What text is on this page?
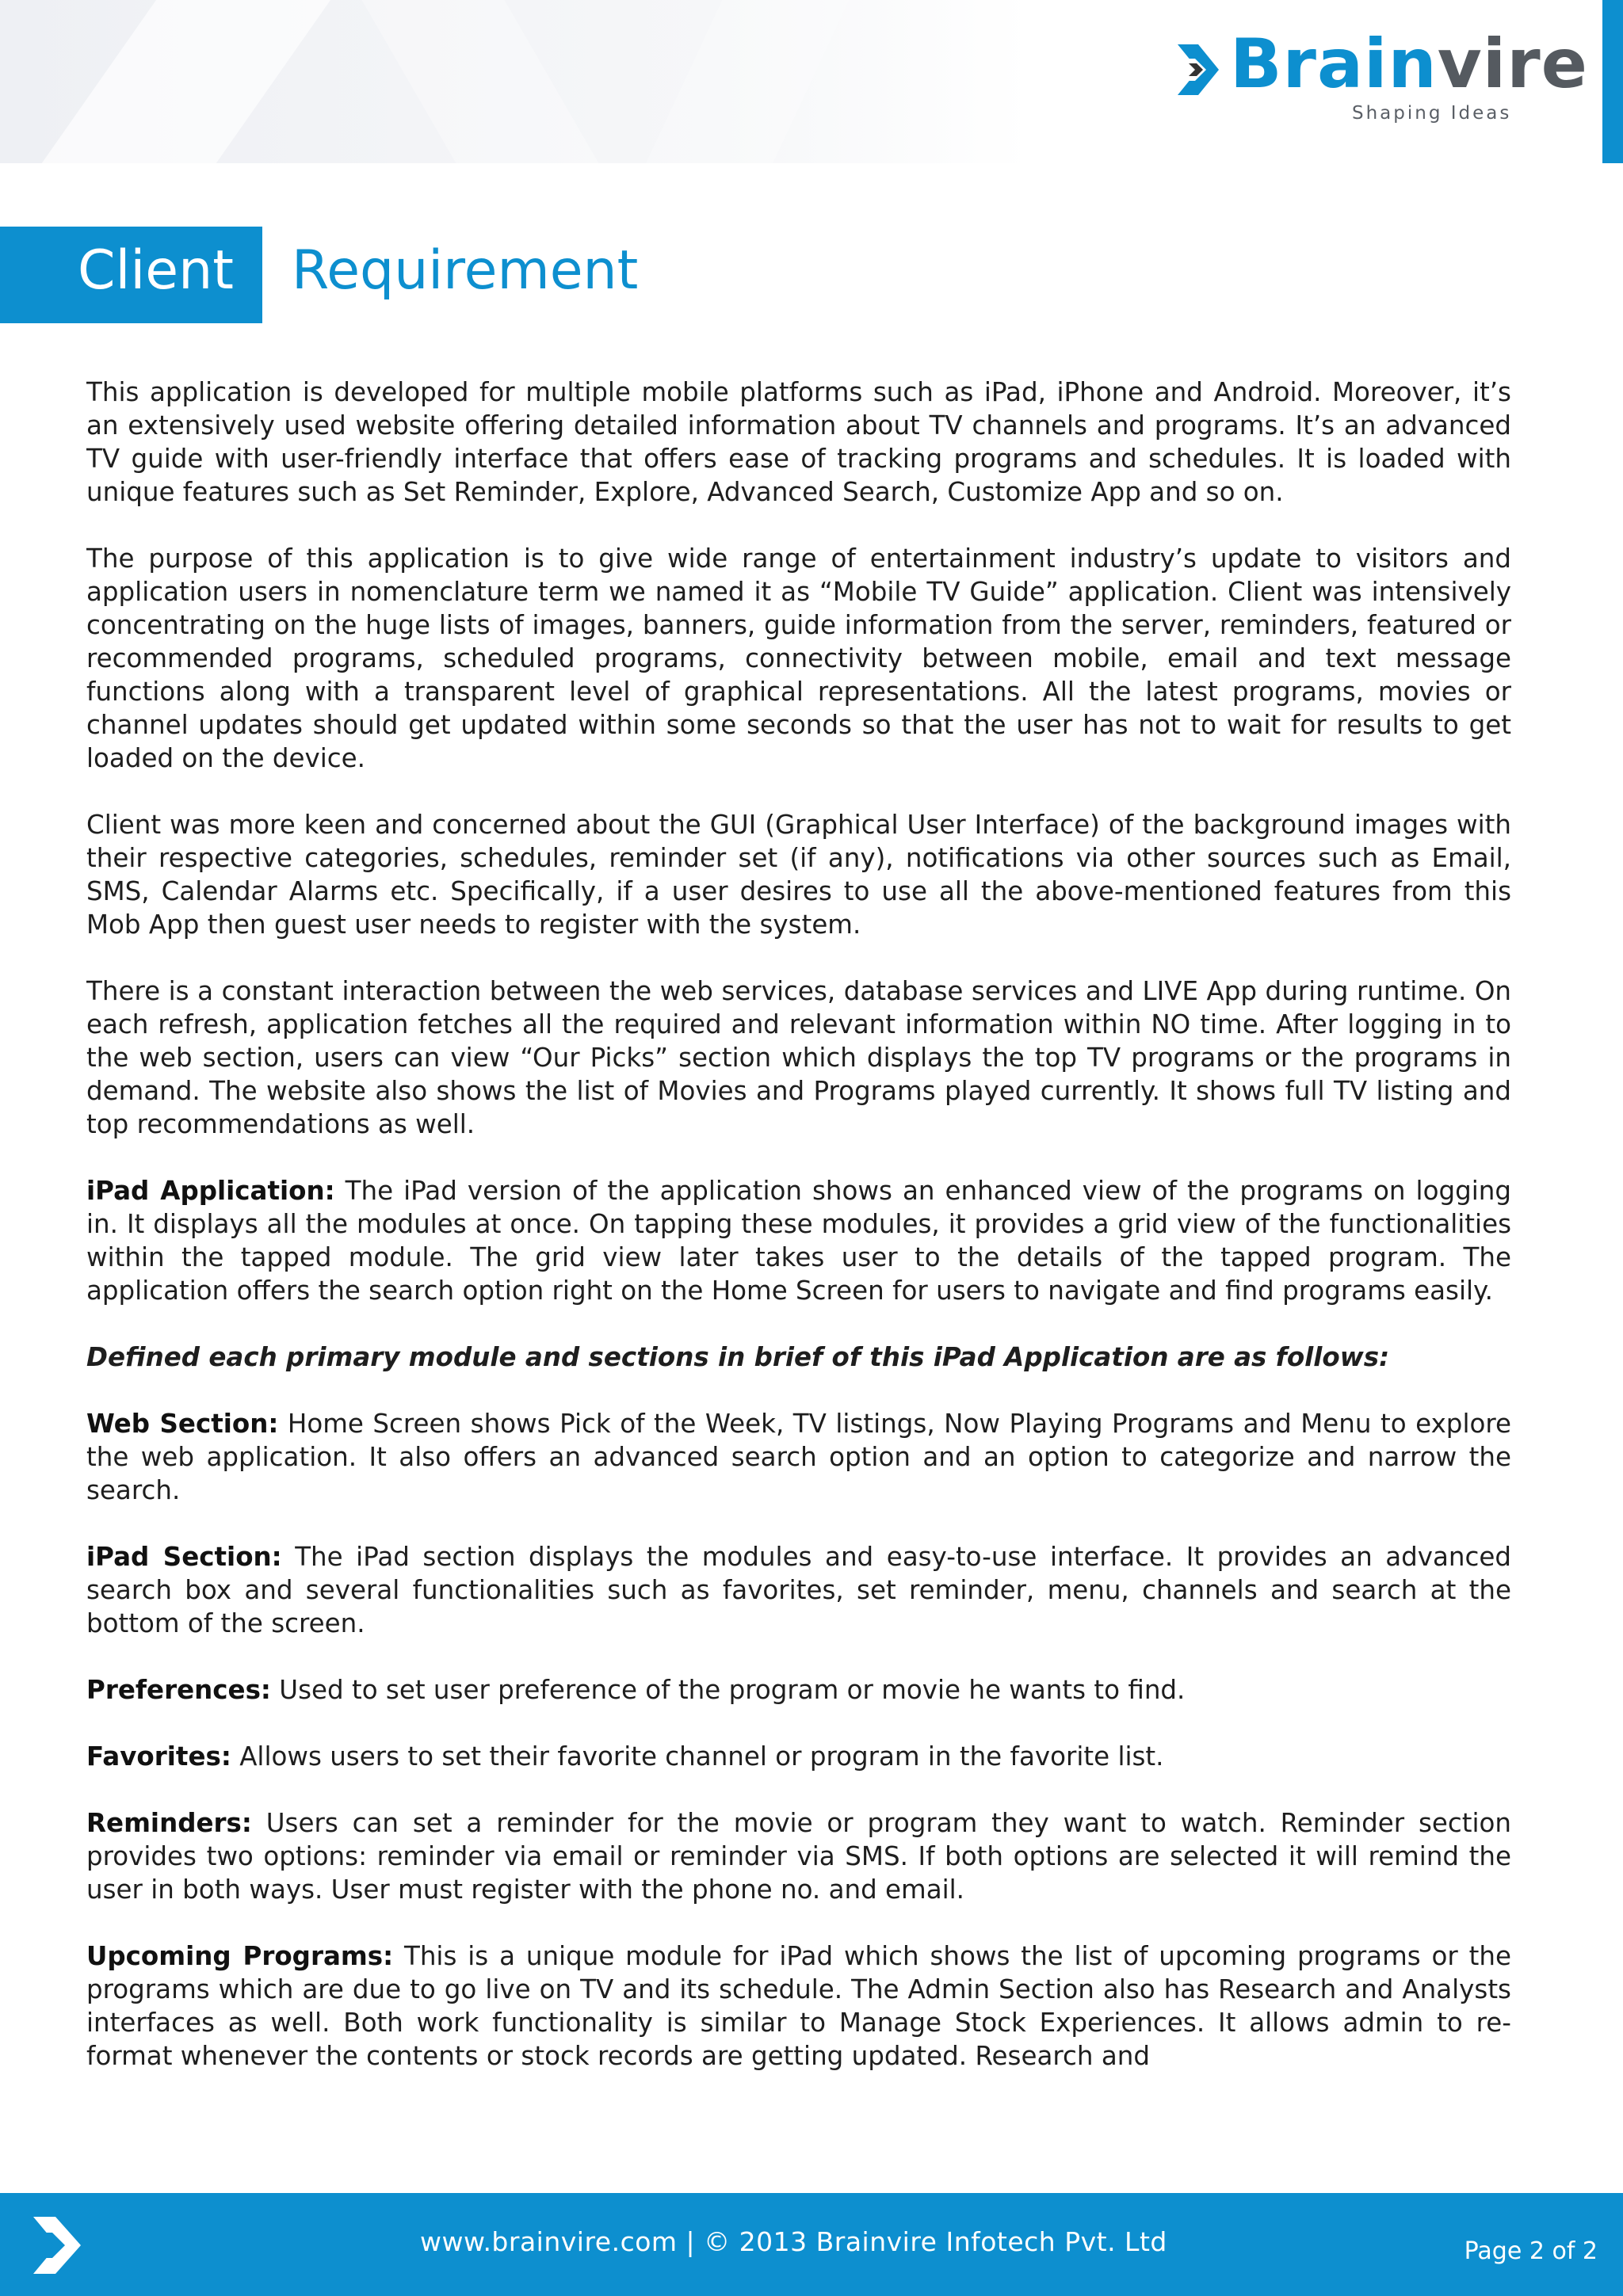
Brainvire
Shaping Ideas
Client Requirement

This application is developed for multiple mobile platforms such as iPad, iPhone and Android. Moreover, it’s an extensively used website offering detailed information about TV channels and programs. It’s an advanced TV guide with user-friendly interface that offers ease of tracking programs and schedules. It is loaded with unique features such as Set Reminder, Explore, Advanced Search, Customize App and so on.

The purpose of this application is to give wide range of entertainment industry’s update to visitors and application users in nomenclature term we named it as “Mobile TV Guide” application. Client was intensively concentrating on the huge lists of images, banners, guide information from the server, reminders, featured or recommended programs, scheduled programs, connectivity between mobile, email and text message functions along with a transparent level of graphical representations. All the latest programs, movies or channel updates should get updated within some seconds so that the user has not to wait for results to get loaded on the device.

Client was more keen and concerned about the GUI (Graphical User Interface) of the background images with their respective categories, schedules, reminder set (if any), notifications via other sources such as Email, SMS, Calendar Alarms etc. Specifically, if a user desires to use all the above-mentioned features from this Mob App then guest user needs to register with the system.

There is a constant interaction between the web services, database services and LIVE App during runtime. On each refresh, application fetches all the required and relevant information within NO time. After logging in to the web section, users can view “Our Picks” section which displays the top TV programs or the programs in demand. The website also shows the list of Movies and Programs played currently. It shows full TV listing and top recommendations as well.

iPad Application: The iPad version of the application shows an enhanced view of the programs on logging in. It displays all the modules at once. On tapping these modules, it provides a grid view of the functionalities within the tapped module. The grid view later takes user to the details of the tapped program. The application offers the search option right on the Home Screen for users to navigate and find programs easily.

Defined each primary module and sections in brief of this iPad Application are as follows:

Web Section: Home Screen shows Pick of the Week, TV listings, Now Playing Programs and Menu to explore the web application. It also offers an advanced search option and an option to categorize and narrow the search.

iPad Section: The iPad section displays the modules and easy-to-use interface. It provides an advanced search box and several functionalities such as favorites, set reminder, menu, channels and search at the bottom of the screen.

Preferences: Used to set user preference of the program or movie he wants to find.

Favorites: Allows users to set their favorite channel or program in the favorite list.

Reminders: Users can set a reminder for the movie or program they want to watch. Reminder section provides two options: reminder via email or reminder via SMS. If both options are selected it will remind the user in both ways. User must register with the phone no. and email.

Upcoming Programs: This is a unique module for iPad which shows the list of upcoming programs or the programs which are due to go live on TV and its schedule. The Admin Section also has Research and Analysts interfaces as well. Both work functionality is similar to Manage Stock Experiences. It allows admin to re-format whenever the contents or stock records are getting updated. Research and

www.brainvire.com | © 2013 Brainvire Infotech Pvt. Ltd	Page 2 of 2
